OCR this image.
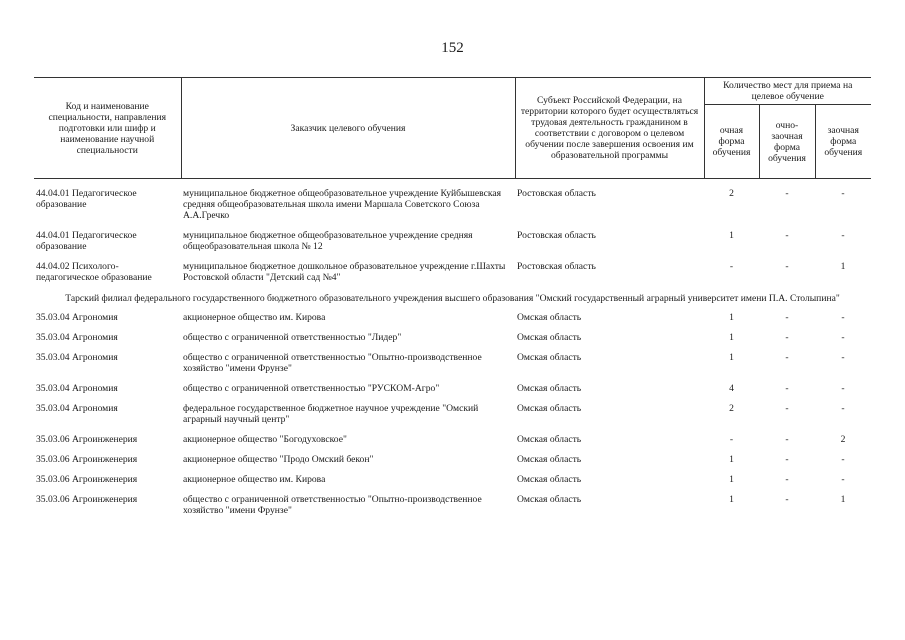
152
Код и наименование специальности, направления подготовки или шифр и наименование научной специальности	Заказчик целевого обучения	Субъект Российской Федерации, на территории которого будет осуществляться трудовая деятельность гражданином в соответствии с договором о целевом обучении после завершения освоения им образовательной программы	Количество мест для приема на целевое обучение		
			очная форма обучения	очно-заочная форма обучения	заочная форма обучения

44.04.01 Педагогическое образование	муниципальное бюджетное общеобразовательное учреждение Куйбышевская средняя общеобразовательная школа имени Маршала Советского Союза А.А.Гречко	Ростовская область	2	-	-
44.04.01 Педагогическое образование	муниципальное бюджетное общеобразовательное учреждение средняя общеобразовательная школа № 12	Ростовская область	1	-	-
44.04.02 Психолого-педагогическое образование	муниципальное бюджетное дошкольное образовательное учреждение г.Шахты Ростовской области "Детский сад №4"	Ростовская область	-	-	1
Тарский филиал федерального государственного бюджетного образовательного учреждения высшего образования "Омский государственный аграрный университет имени П.А. Столыпина"					
35.03.04 Агрономия	акционерное общество им. Кирова	Омская область	1	-	-
35.03.04 Агрономия	общество с ограниченной ответственностью "Лидер"	Омская область	1	-	-
35.03.04 Агрономия	общество с ограниченной ответственностью "Опытно-производственное хозяйство "имени Фрунзе"	Омская область	1	-	-
35.03.04 Агрономия	общество с ограниченной ответственностью "РУСКОМ-Агро"	Омская область	4	-	-
35.03.04 Агрономия	федеральное государственное бюджетное научное учреждение "Омский аграрный научный центр"	Омская область	2	-	-
35.03.06 Агроинженерия	акционерное общество "Богодуховское"	Омская область	-	-	2
35.03.06 Агроинженерия	акционерное общество "Продо Омский бекон"	Омская область	1	-	-
35.03.06 Агроинженерия	акционерное общество им. Кирова	Омская область	1	-	-
35.03.06 Агроинженерия	общество с ограниченной ответственностью "Опытно-производственное хозяйство "имени Фрунзе"	Омская область	1	-	1
